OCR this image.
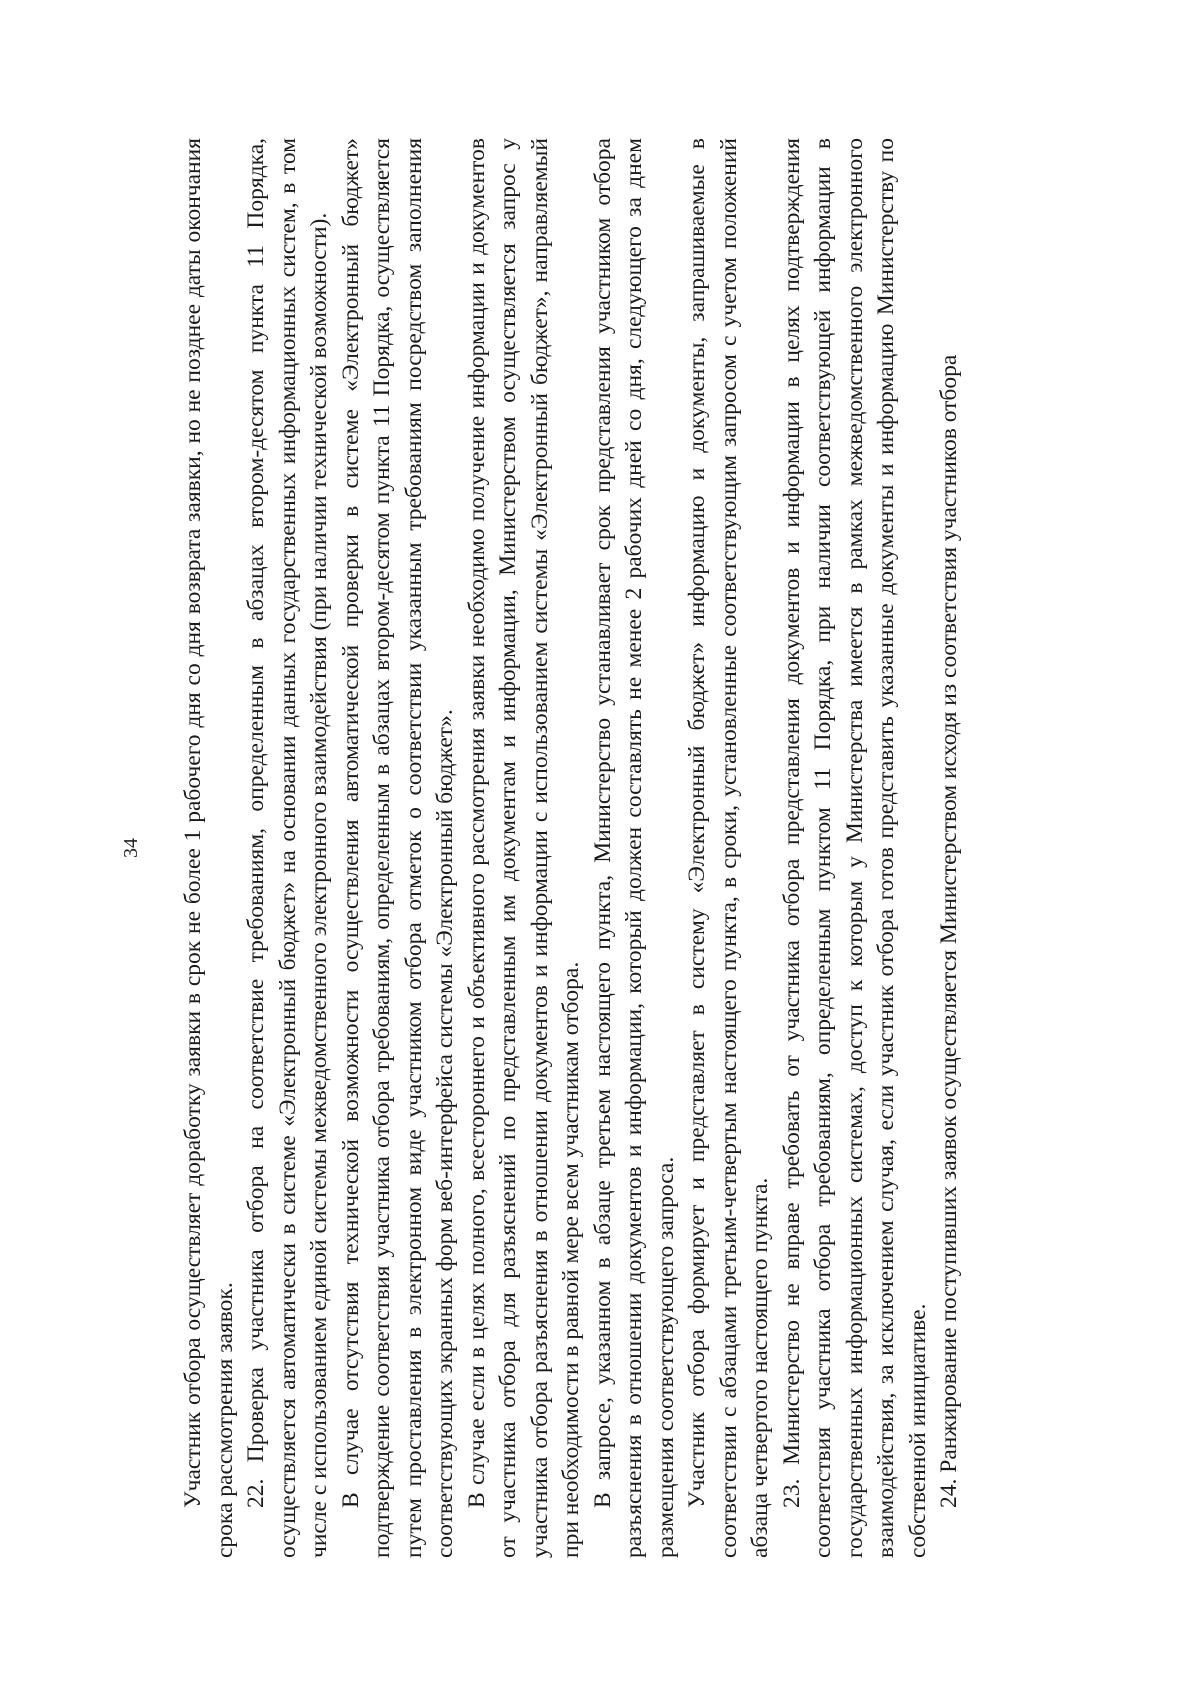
34 Участник отбора осуществляет доработку заявки в срок не более 1 рабочего дня со дня возврата заявки, но не позднее даты окончания срока рассмотрения заявок. 22. Проверка участника отбора на соответствие требованиям, определенным в абзацах втором-десятом пункта 11 Порядка, осуществляется автоматически в системе «Электронный бюджет» на основании данных государственных информационных систем, в том числе с использованием единой системы межведомственного электронного взаимодействия (при наличии технической возможности). В случае отсутствия технической возможности осуществления автоматической проверки в системе «Электронный бюджет» подтверждение соответствия участника отбора требованиям, определенным в абзацах втором-десятом пункта 11 Порядка, осуществляется путем проставления в электронном виде участником отбора отметок о соответствии указанным требованиям посредством заполнения соответствующих экранных форм веб-интерфейса системы «Электронный бюджет». В случае если в целях полного, всестороннего и объективного рассмотрения заявки необходимо получение информации и документов от участника отбора для разъяснений по представленным им документам и информации, Министерством осуществляется запрос у участника отбора разъяснения в отношении документов и информации с использованием системы «Электронный бюджет», направляемый при необходимости в равной мере всем участникам отбора. В запросе, указанном в абзаце третьем настоящего пункта, Министерство устанавливает срок представления участником отбора разъяснения в отношении документов и информации, который должен составлять не менее 2 рабочих дней со дня, следующего за днем размещения соответствующего запроса. Участник отбора формирует и представляет в систему «Электронный бюджет» информацию и документы, запрашиваемые в соответствии с абзацами третьим-четвертым настоящего пункта, в сроки, установленные соответствующим запросом с учетом положений абзаца четвертого настоящего пункта. 23. Министерство не вправе требовать от участника отбора представления документов и информации в целях подтверждения соответствия участника отбора требованиям, определенным пунктом 11 Порядка, при наличии соответствующей информации в государственных информационных системах, доступ к которым у Министерства имеется в рамках межведомственного электронного взаимодействия, за исключением случая, если участник отбора готов представить указанные документы и информацию Министерству по собственной инициативе. 24. Ранжирование поступивших заявок осуществляется Министерством исходя из соответствия участников отбора
